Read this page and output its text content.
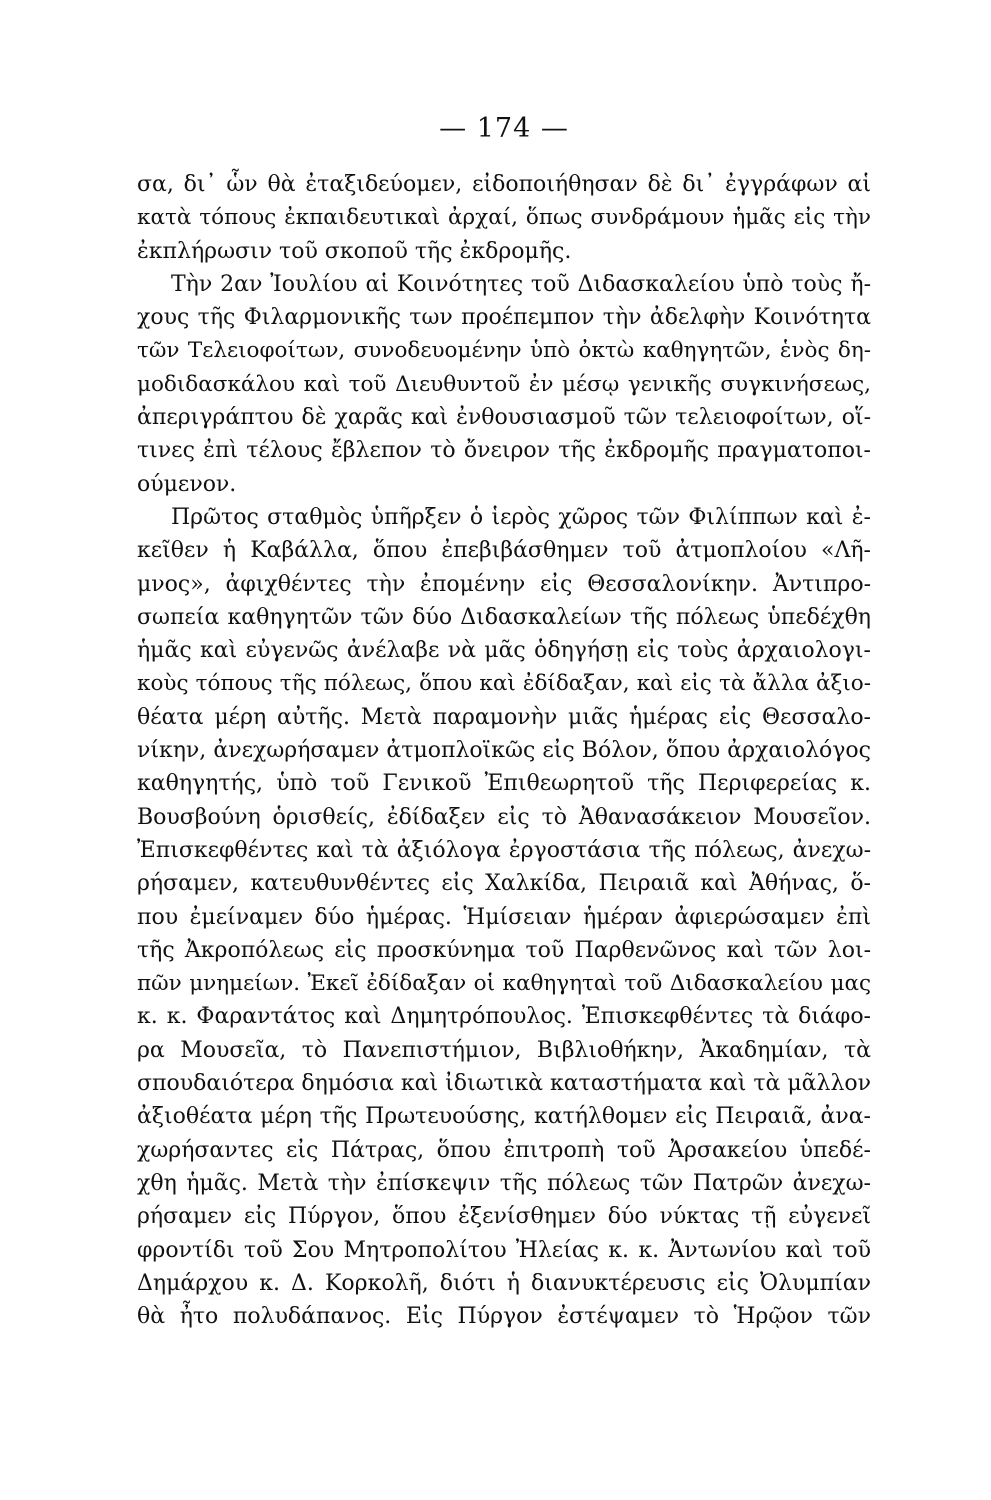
— 174 —
σα, δι᾽ ὧν θὰ ἐταξιδεύομεν, εἰδοποιήθησαν δὲ δι᾽ ἐγγράφων αἱ
κατὰ τόπους ἐκπαιδευτικαὶ ἀρχαί, ὅπως συνδράμουν ἡμᾶς εἰς τὴν
ἐκπλήρωσιν τοῦ σκοποῦ τῆς ἐκδρομῆς.
Τὴν 2αν Ἰουλίου αἱ Κοινότητες τοῦ Διδασκαλείου ὑπὸ τοὺς ἤ-
χους τῆς Φιλαρμονικῆς των προέπεμπον τὴν ἀδελφὴν Κοινότητα
τῶν Τελειοφοίτων, συνοδευομένην ὑπὸ ὀκτὼ καθηγητῶν, ἑνὸς δη-
μοδιδασκάλου καὶ τοῦ Διευθυντοῦ ἐν μέσῳ γενικῆς συγκινήσεως,
ἀπεριγράπτου δὲ χαρᾶς καὶ ἐνθουσιασμοῦ τῶν τελειοφοίτων, οἵ-
τινες ἐπὶ τέλους ἔβλεπον τὸ ὄνειρον τῆς ἐκδρομῆς πραγματοποι-
ούμενον.
Πρῶτος σταθμὸς ὑπῆρξεν ὁ ἱερὸς χῶρος τῶν Φιλίππων καὶ ἐ-
κεῖθεν ἡ Καβάλλα, ὅπου ἐπεβιβάσθημεν τοῦ ἀτμοπλοίου «Λῆ-
μνος», ἀφιχθέντες τὴν ἐπομένην εἰς Θεσσαλονίκην. Ἀντιπρο-
σωπεία καθηγητῶν τῶν δύο Διδασκαλείων τῆς πόλεως ὑπεδέχθη
ἡμᾶς καὶ εὐγενῶς ἀνέλαβε νὰ μᾶς ὁδηγήσῃ εἰς τοὺς ἀρχαιολογι-
κοὺς τόπους τῆς πόλεως, ὅπου καὶ ἐδίδαξαν, καὶ εἰς τὰ ἄλλα ἀξιο-
θέατα μέρη αὐτῆς. Μετὰ παραμονὴν μιᾶς ἡμέρας εἰς Θεσσαλο-
νίκην, ἀνεχωρήσαμεν ἀτμοπλοϊκῶς εἰς Βόλον, ὅπου ἀρχαιολόγος
καθηγητής, ὑπὸ τοῦ Γενικοῦ Ἐπιθεωρητοῦ τῆς Περιφερείας κ.
Βουσβούνη ὁρισθείς, ἐδίδαξεν εἰς τὸ Ἀθανασάκειον Μουσεῖον.
Ἐπισκεφθέντες καὶ τὰ ἀξιόλογα ἐργοστάσια τῆς πόλεως, ἀνεχω-
ρήσαμεν, κατευθυνθέντες εἰς Χαλκίδα, Πειραιᾶ καὶ Ἀθήνας, ὅ-
που ἐμείναμεν δύο ἡμέρας. Ἡμίσειαν ἡμέραν ἀφιερώσαμεν ἐπὶ
τῆς Ἀκροπόλεως εἰς προσκύνημα τοῦ Παρθενῶνος καὶ τῶν λοι-
πῶν μνημείων. Ἐκεῖ ἐδίδαξαν οἱ καθηγηταὶ τοῦ Διδασκαλείου μας
κ. κ. Φαραντάτος καὶ Δημητρόπουλος. Ἐπισκεφθέντες τὰ διάφο-
ρα Μουσεῖα, τὸ Πανεπιστήμιον, Βιβλιοθήκην, Ἀκαδημίαν, τὰ
σπουδαιότερα δημόσια καὶ ἰδιωτικὰ καταστήματα καὶ τὰ μᾶλλον
ἀξιοθέατα μέρη τῆς Πρωτευούσης, κατήλθομεν εἰς Πειραιᾶ, ἀνα-
χωρήσαντες εἰς Πάτρας, ὅπου ἐπιτροπὴ τοῦ Ἀρσακείου ὑπεδέ-
χθη ἡμᾶς. Μετὰ τὴν ἐπίσκεψιν τῆς πόλεως τῶν Πατρῶν ἀνεχω-
ρήσαμεν εἰς Πύργον, ὅπου ἐξενίσθημεν δύο νύκτας τῇ εὐγενεῖ
φροντίδι τοῦ Σου Μητροπολίτου Ἠλείας κ. κ. Ἀντωνίου καὶ τοῦ
Δημάρχου κ. Δ. Κορκολῆ, διότι ἡ διανυκτέρευσις εἰς Ὀλυμπίαν
θὰ ἦτο πολυδάπανος. Εἰς Πύργον ἐστέψαμεν τὸ Ἡρῷον τῶν
